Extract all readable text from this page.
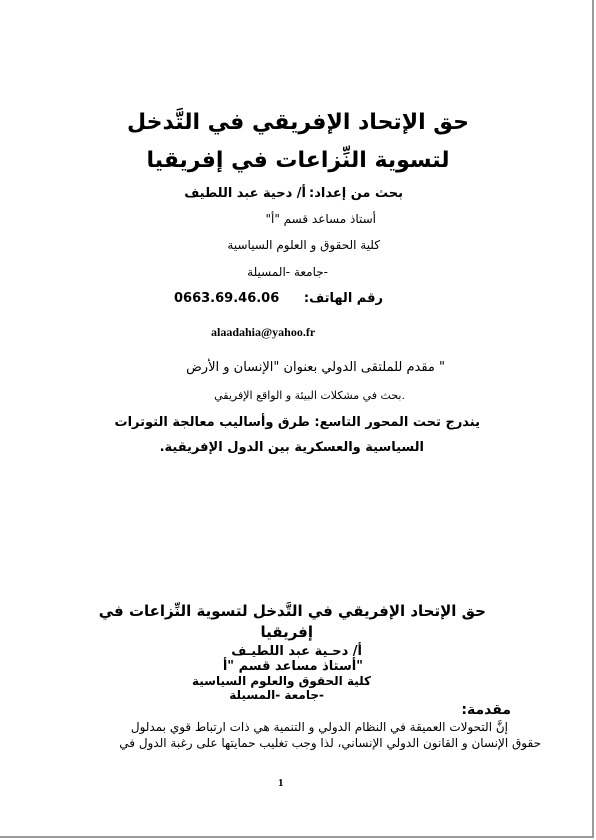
حق الإتحاد الإفريقي في التَّدخل
لتسوية النِّزاعات في إفريقيا
بحث من إعداد:
أ/ دحية عبد اللطيف
أستاذ مساعد قسم "أ"
كلية الحقوق و العلوم السياسية
-جامعة -المسيلة
رقم الهاتف:
0663.69.46.06
alaadahia@yahoo.fr
" مقدم للملتقى الدولي بعنوان "الإنسان و الأرض
.بحث في مشكلات البيئة و الواقع الإفريقي
يندرج تحت المحور التاسع: طرق وأساليب معالجة التوترات
السياسية والعسكرية بين الدول الإفريقية.
حق الإتحاد الإفريقي في التَّدخل لتسوية النِّزاعات في
إفريقيا
أ/ دحـية عبد اللطيـف
"أستاذ مساعد قسم "أ
كلية الحقوق والعلوم السياسية
-جامعة -المسيلة
مقدمة:
إنَّ التحولات العميقة في النظام الدولي و التنمية هي ذات ارتباط قوي بمدلول
حقوق الإنسان و القانون الدولي الإنساني، لذا وجب تغليب حمايتها على رغبة الدول في
1
